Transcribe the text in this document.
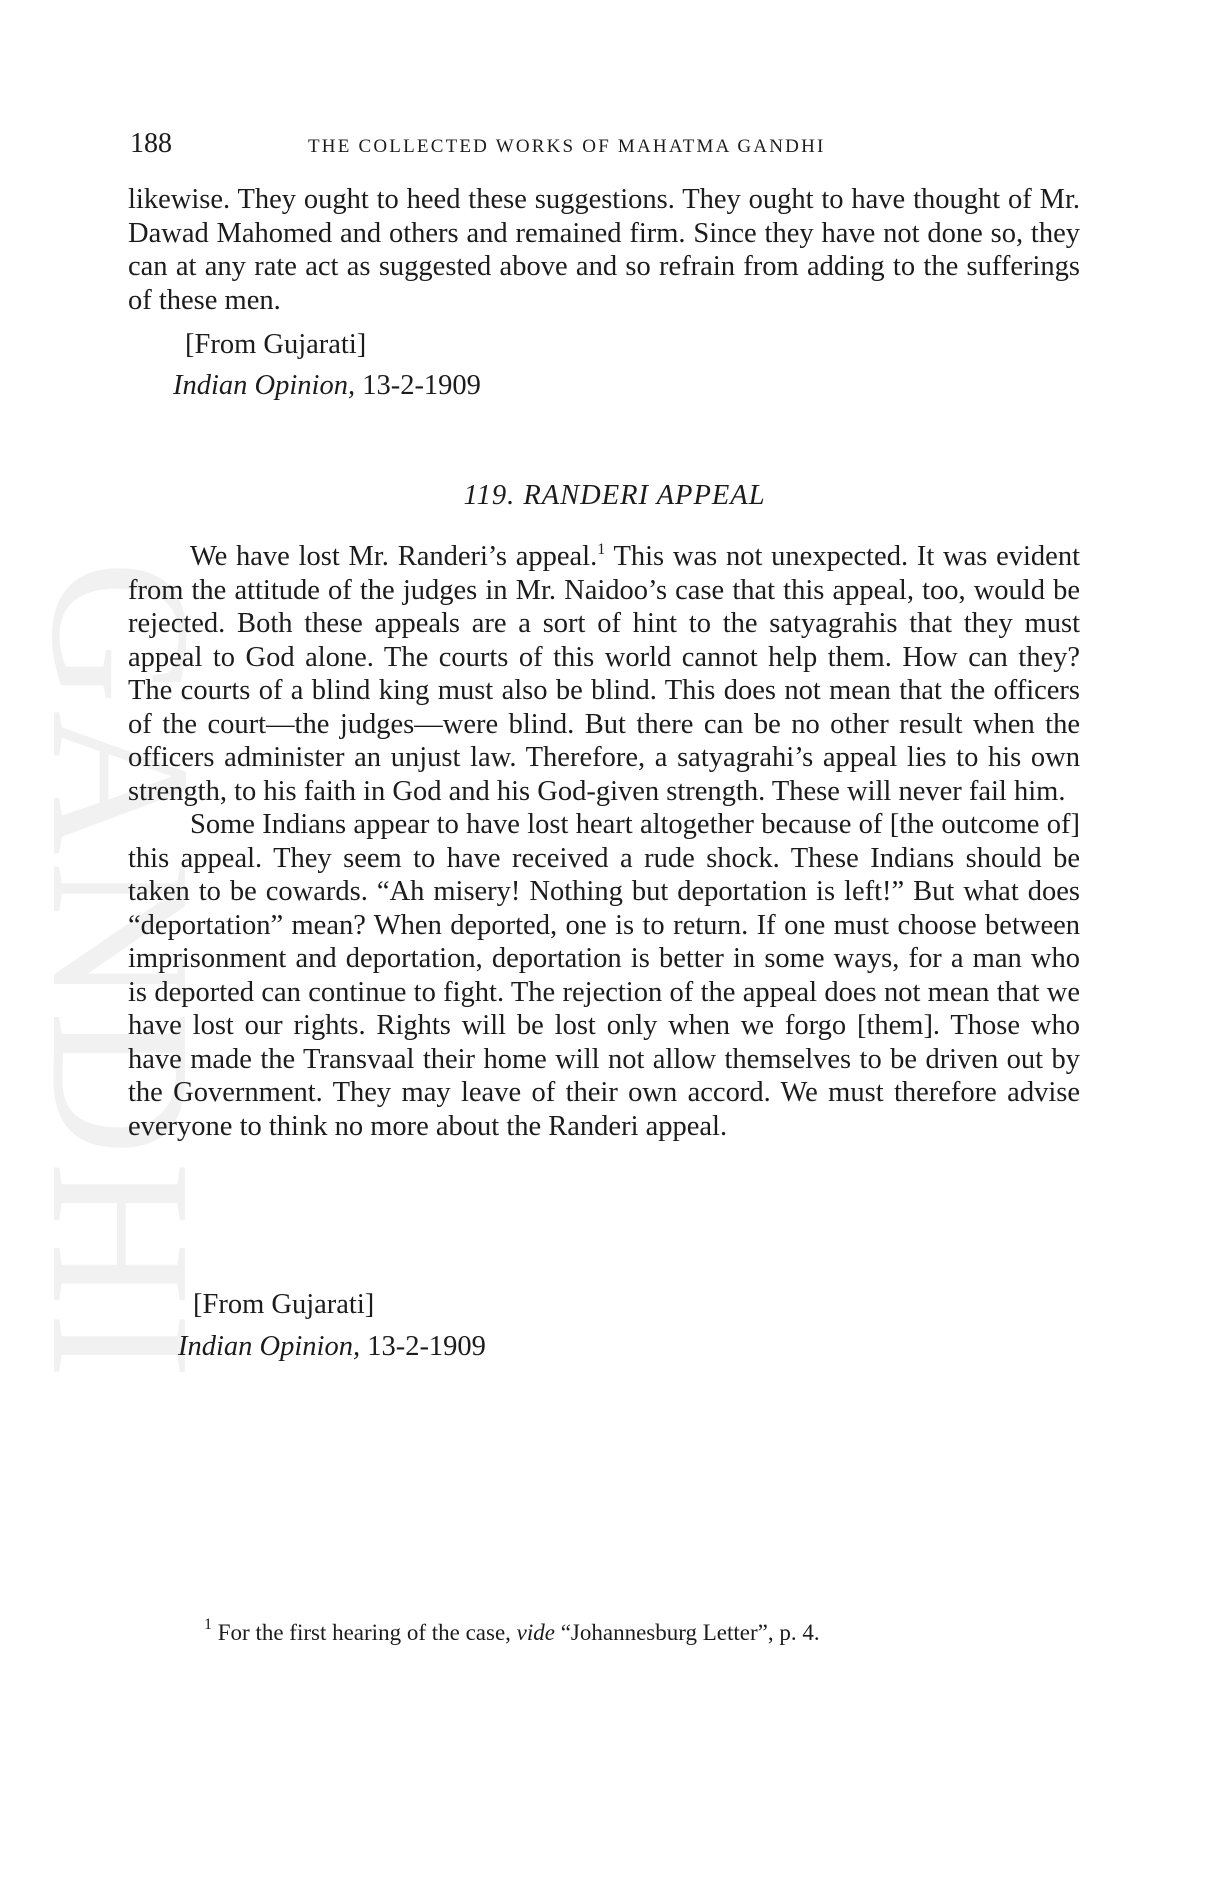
GANDHI
188	THE COLLECTED WORKS OF MAHATMA GANDHI

likewise. They ought to heed these suggestions. They ought to have thought of Mr. Dawad Mahomed and others and remained firm. Since they have not done so, they can at any rate act as suggested above and so refrain from adding to the sufferings of these men.

[From Gujarati]
Indian Opinion, 13-2-1909
119. RANDERI APPEAL

We have lost Mr. Randeri’s appeal.$^1$ This was not unexpected. It was evident from the attitude of the judges in Mr. Naidoo’s case that this appeal, too, would be rejected. Both these appeals are a sort of hint to the satyagrahis that they must appeal to God alone. The courts of this world cannot help them. How can they? The courts of a blind king must also be blind. This does not mean that the officers of the court—the judges—were blind. But there can be no other result when the officers administer an unjust law. Therefore, a satyagrahi’s appeal lies to his own strength, to his faith in God and his God-given strength. These will never fail him.

Some Indians appear to have lost heart altogether because of [the outcome of] this appeal. They seem to have received a rude shock. These Indians should be taken to be cowards. “Ah misery! Nothing but deportation is left!” But what does “deportation” mean? When deported, one is to return. If one must choose between imprisonment and deportation, deportation is better in some ways, for a man who is deported can continue to fight. The rejection of the appeal does not mean that we have lost our rights. Rights will be lost only when we forgo [them]. Those who have made the Transvaal their home will not allow themselves to be driven out by the Government. They may leave of their own accord. We must therefore advise everyone to think no more about the Randeri appeal.

[From Gujarati]
Indian Opinion, 13-2-1909
$^1$ For the first hearing of the case, vide “Johannesburg Letter”, p. 4.
